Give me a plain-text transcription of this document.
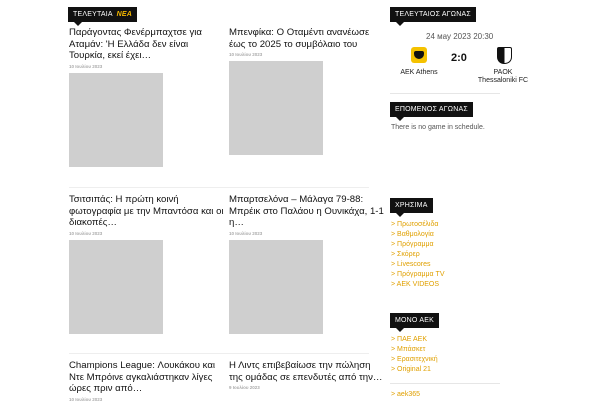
ΤΕΛΕΥΤΑΙΑ ΝΕΑ
Παράγοντας Φενέρμπαχτσε για Αταμάν: 'Η Ελλάδα δεν είναι Τουρκία, εκεί έχει…
10 Ιουλίου 2023
Μπενφίκα: Ο Οταμέντι ανανέωσε έως το 2025 το συμβόλαιο του
10 Ιουλίου 2023
Τσιτσιπάς: Η πρώτη κοινή φωτογραφία με την Μπαντόσα και οι διακοπές…
10 Ιουλίου 2023
Μπαρτσελόνα – Μάλαγα 79-88: Μπρέικ στο Παλάου η Ουνικάχα, 1-1 η…
10 Ιουλίου 2023
Champions League: Λουκάκου και Ντε Μπρόινε αγκαλιάστηκαν λίγες ώρες πριν από…
10 Ιουλίου 2023
Η Λιντς επιβεβαίωσε την πώληση της ομάδας σε επενδυτές από την…
9 Ιουλίου 2023
ΤΕΛΕΥΤΑΙΟΣ ΑΓΩΝΑΣ
24 мау 2023 20:30
AEK Athens
2:0
PAOK
Thessaloniki FC
ΕΠΟΜΕΝΟΣ ΑΓΩΝΑΣ
There is no game in schedule.
ΧΡΗΣΙΜΑ
> Πρωτοσέλιδα
> Βαθμολογία
> Πρόγραμμα
> Σκόρερ
> Livescores
> Πρόγραμμα TV
> AEK VIDEOS
ΜΟΝΟ ΑΕΚ
> ΠΑΕ ΑΕΚ
> Μπάσκετ
> Ερασιτεχνική
> Original 21
> aek365
